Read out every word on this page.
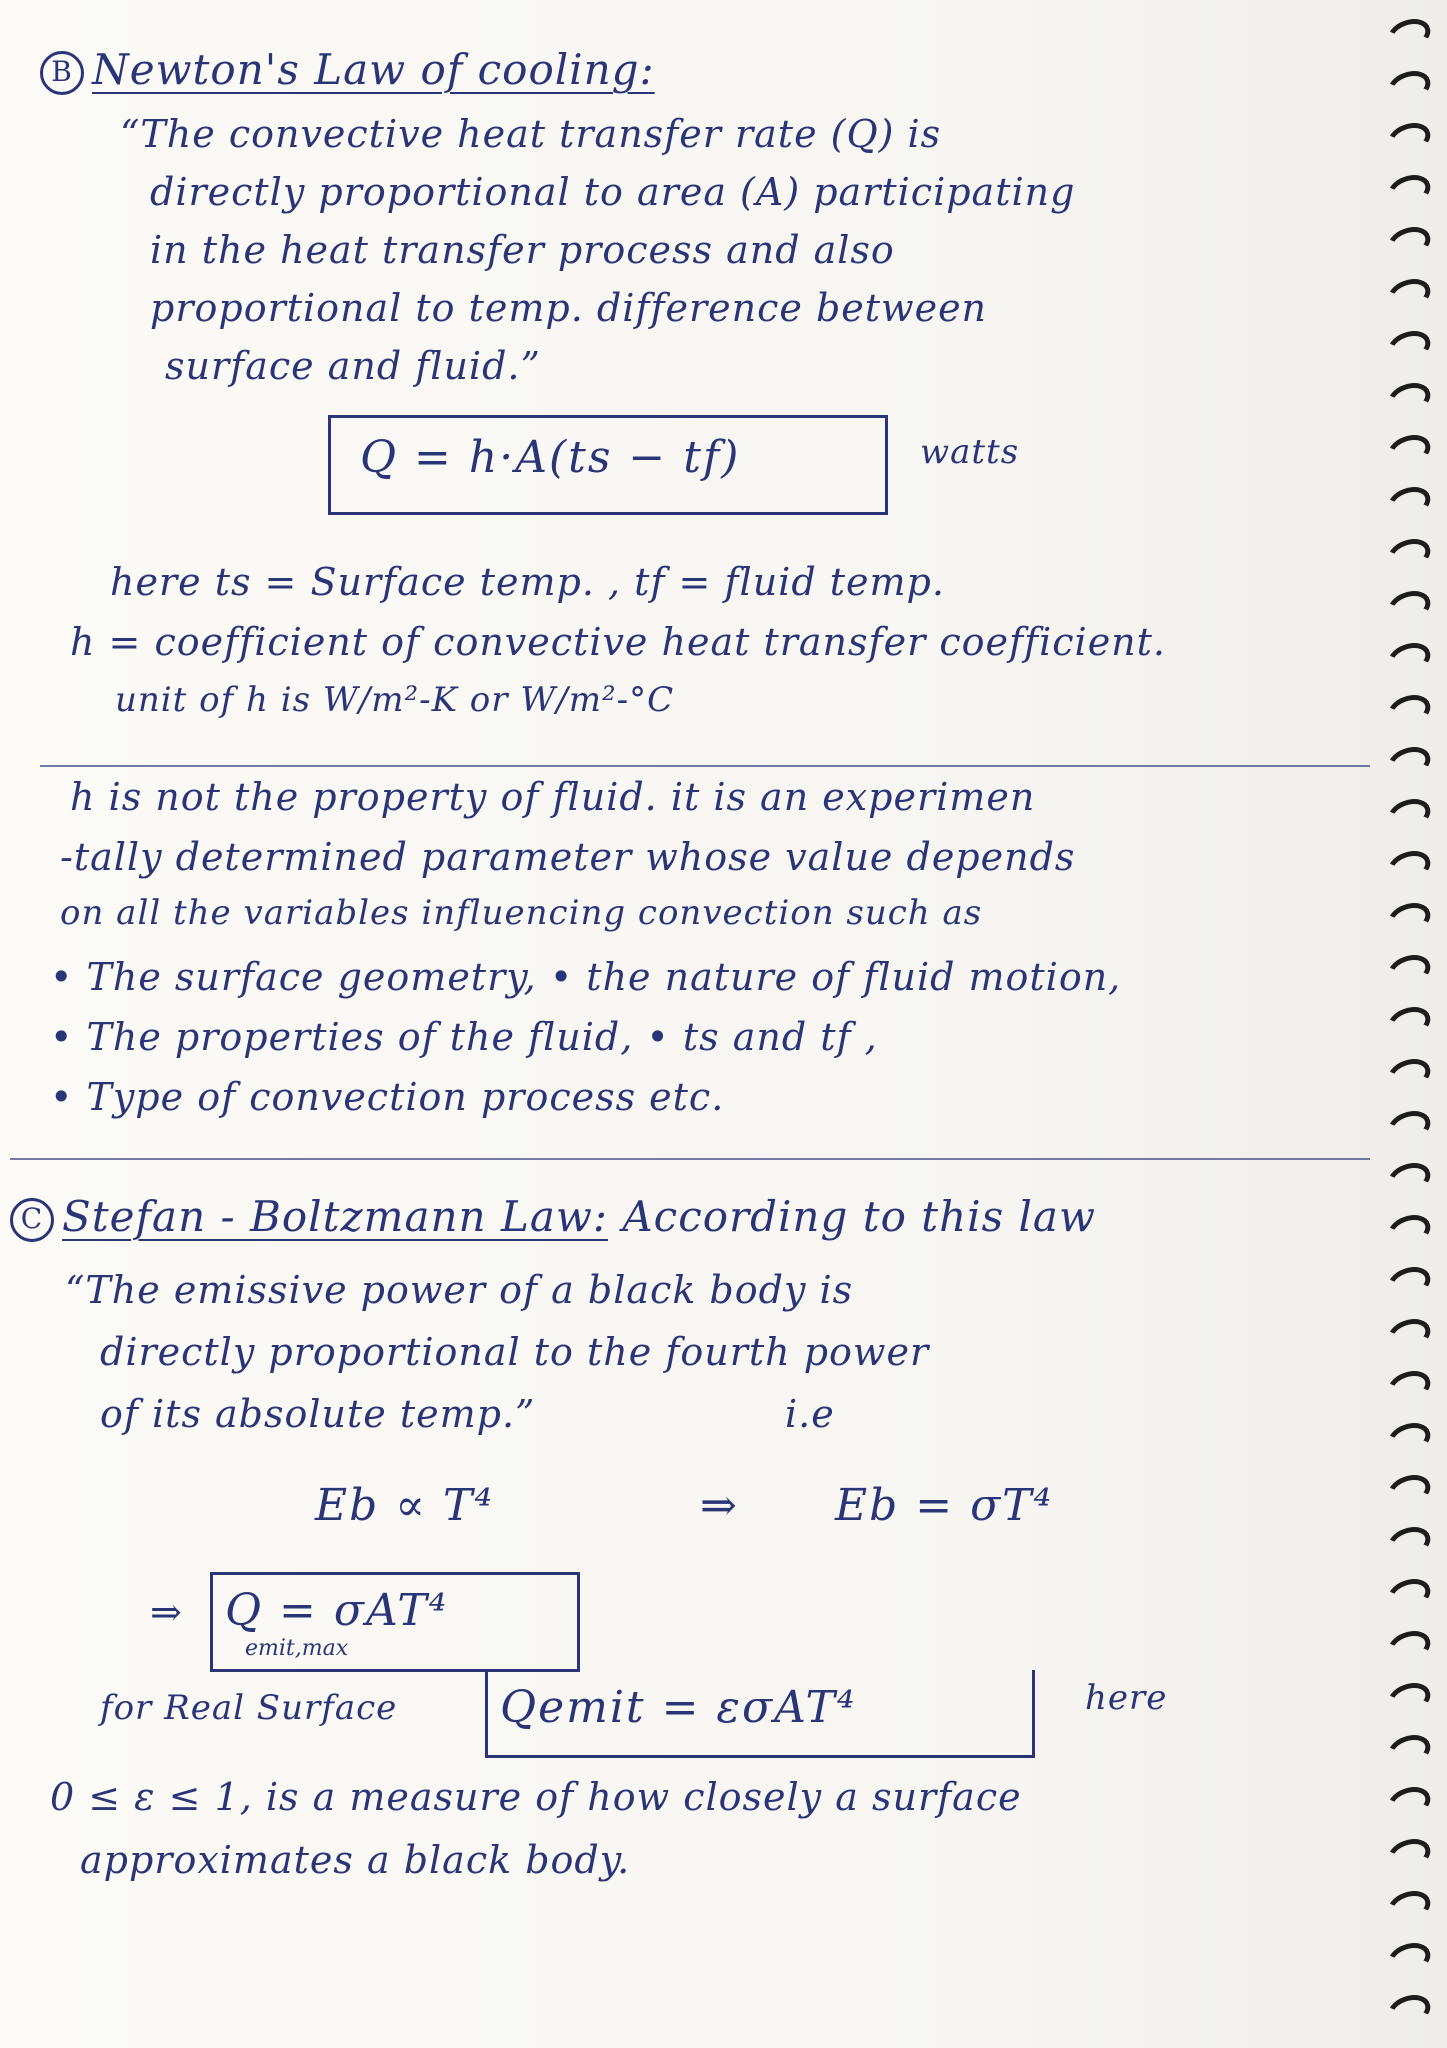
B Newton's Law of cooling:
“The convective heat transfer rate (Q) is
directly proportional to area (A) participating
in the heat transfer process and also
proportional to temp. difference between
surface and fluid.”
Q = h·A(ts − tf)	watts
here ts = Surface temp. , tf = fluid temp.
h = coefficient of convective heat transfer coefficient.
unit of h is W/m²-K or W/m²-°C
h is not the property of fluid. it is an experimen
-tally determined parameter whose value depends
on all the variables influencing convection such as
• The surface geometry, • the nature of fluid motion,
• The properties of the fluid, • ts and tf ,
• Type of convection process etc.
C Stefan - Boltzmann Law: According to this law
“The emissive power of a black body is
directly proportional to the fourth power
of its absolute temp.”	i.e
Eb ∝ T⁴	⇒ Eb = σT⁴
⇒ Q = σAT⁴
emit,max
for Real Surface Qemit = εσAT⁴	here
0 ≤ ε ≤ 1, is a measure of how closely a surface
approximates a black body.
